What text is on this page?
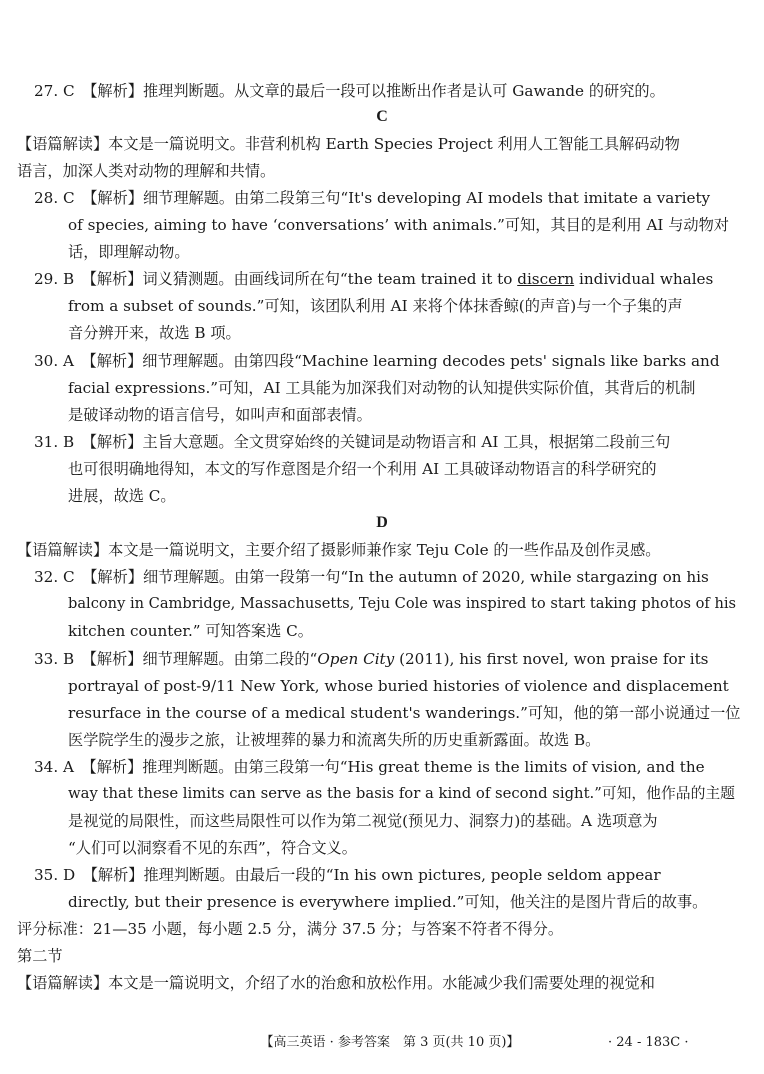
27. C　【解析】推理判断题。从文章的最后一段可以推断出作者是认可 Gawande 的研究的。
C
【语篇解读】本文是一篇说明文。非营利机构 Earth Species Project 利用人工智能工具解码动物
语言，加深人类对动物的理解和共情。
28. C　【解析】细节理解题。由第二段第三句“It's developing AI models that imitate a variety
of species, aiming to have ‘conversations’ with animals.”可知，其目的是利用 AI 与动物对
话，即理解动物。
29. B　【解析】词义猜测题。由画线词所在句“the team trained it to discern individual whales
from a subset of sounds.”可知，该团队利用 AI 来将个体抹香鲸(的声音)与一个子集的声
音分辨开来，故选 B 项。
30. A　【解析】细节理解题。由第四段“Machine learning decodes pets' signals like barks and
facial expressions.”可知，AI 工具能为加深我们对动物的认知提供实际价值，其背后的机制
是破译动物的语言信号，如叫声和面部表情。
31. B　【解析】主旨大意题。全文贯穿始终的关键词是动物语言和 AI 工具，根据第二段前三句
也可很明确地得知，本文的写作意图是介绍一个利用 AI 工具破译动物语言的科学研究的
进展，故选 C。
D
【语篇解读】本文是一篇说明文，主要介绍了摄影师兼作家 Teju Cole 的一些作品及创作灵感。
32. C　【解析】细节理解题。由第一段第一句“In the autumn of 2020, while stargazing on his
balcony in Cambridge, Massachusetts, Teju Cole was inspired to start taking photos of his
kitchen counter.” 可知答案选 C。
33. B　【解析】细节理解题。由第二段的“Open City (2011), his first novel, won praise for its
portrayal of post-9/11 New York, whose buried histories of violence and displacement
resurface in the course of a medical student's wanderings.”可知，他的第一部小说通过一位
医学院学生的漫步之旅，让被埋葬的暴力和流离失所的历史重新露面。故选 B。
34. A　【解析】推理判断题。由第三段第一句“His great theme is the limits of vision, and the
way that these limits can serve as the basis for a kind of second sight.”可知，他作品的主题
是视觉的局限性，而这些局限性可以作为第二视觉(预见力、洞察力)的基础。A 选项意为
“人们可以洞察看不见的东西”，符合文义。
35. D　【解析】推理判断题。由最后一段的“In his own pictures, people seldom appear
directly, but their presence is everywhere implied.”可知，他关注的是图片背后的故事。
评分标准：21—35 小题，每小题 2.5 分，满分 37.5 分；与答案不符者不得分。
第二节
【语篇解读】本文是一篇说明文，介绍了水的治愈和放松作用。水能减少我们需要处理的视觉和
【高三英语 · 参考答案　第 3 页(共 10 页)】	· 24 - 183C ·
